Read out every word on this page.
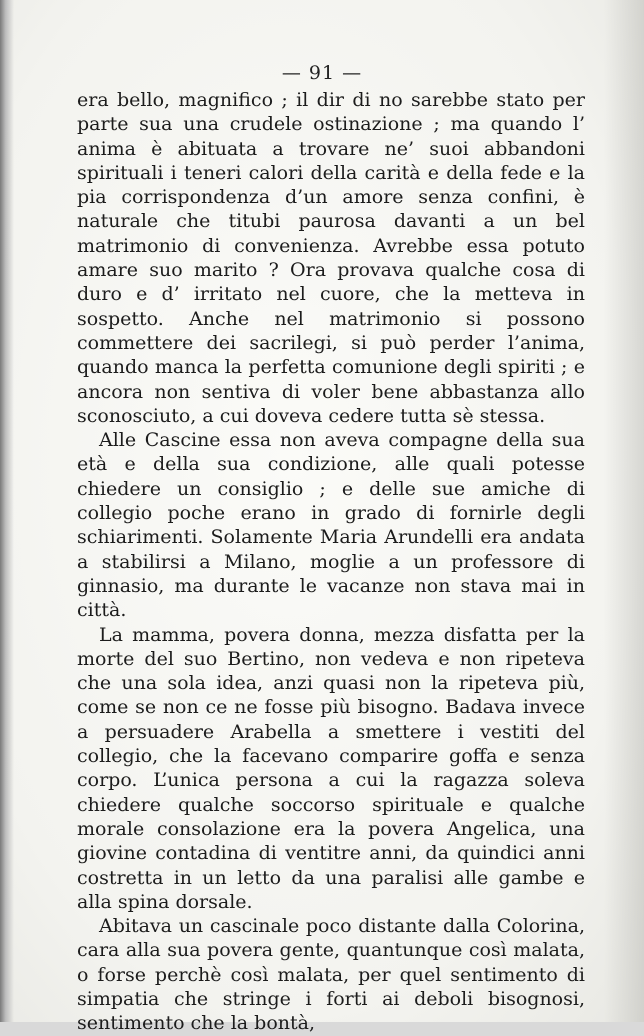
— 91 —

era bello, magnifico ; il dir di no sarebbe stato per parte sua una crudele ostinazione ; ma quando l’ anima è abituata a trovare ne’ suoi abbandoni spirituali i teneri calori della carità e della fede e la pia corrispondenza d’un amore senza confini, è naturale che titubi paurosa davanti a un bel matrimonio di convenienza. Avrebbe essa potuto amare suo marito ? Ora provava qualche cosa di duro e d’ irritato nel cuore, che la metteva in sospetto. Anche nel matrimonio si possono commettere dei sacrilegi, si può perder l’anima, quando manca la perfetta comunione degli spiriti ; e ancora non sentiva di voler bene abbastanza allo sconosciuto, a cui doveva cedere tutta sè stessa.

Alle Cascine essa non aveva compagne della sua età e della sua condizione, alle quali potesse chiedere un consiglio ; e delle sue amiche di collegio poche erano in grado di fornirle degli schiarimenti. Solamente Maria Arundelli era andata a stabilirsi a Milano, moglie a un professore di ginnasio, ma durante le vacanze non stava mai in città.

La mamma, povera donna, mezza disfatta per la morte del suo Bertino, non vedeva e non ripeteva che una sola idea, anzi quasi non la ripeteva più, come se non ce ne fosse più bisogno. Badava invece a persuadere Arabella a smettere i vestiti del collegio, che la facevano comparire goffa e senza corpo. L’unica persona a cui la ragazza soleva chiedere qualche soccorso spirituale e qualche morale consolazione era la povera Angelica, una giovine contadina di ventitre anni, da quindici anni costretta in un letto da una paralisi alle gambe e alla spina dorsale.

Abitava un cascinale poco distante dalla Colorina, cara alla sua povera gente, quantunque così malata, o forse perchè così malata, per quel sentimento di simpatia che stringe i forti ai deboli bisognosi, sentimento che la bontà,
